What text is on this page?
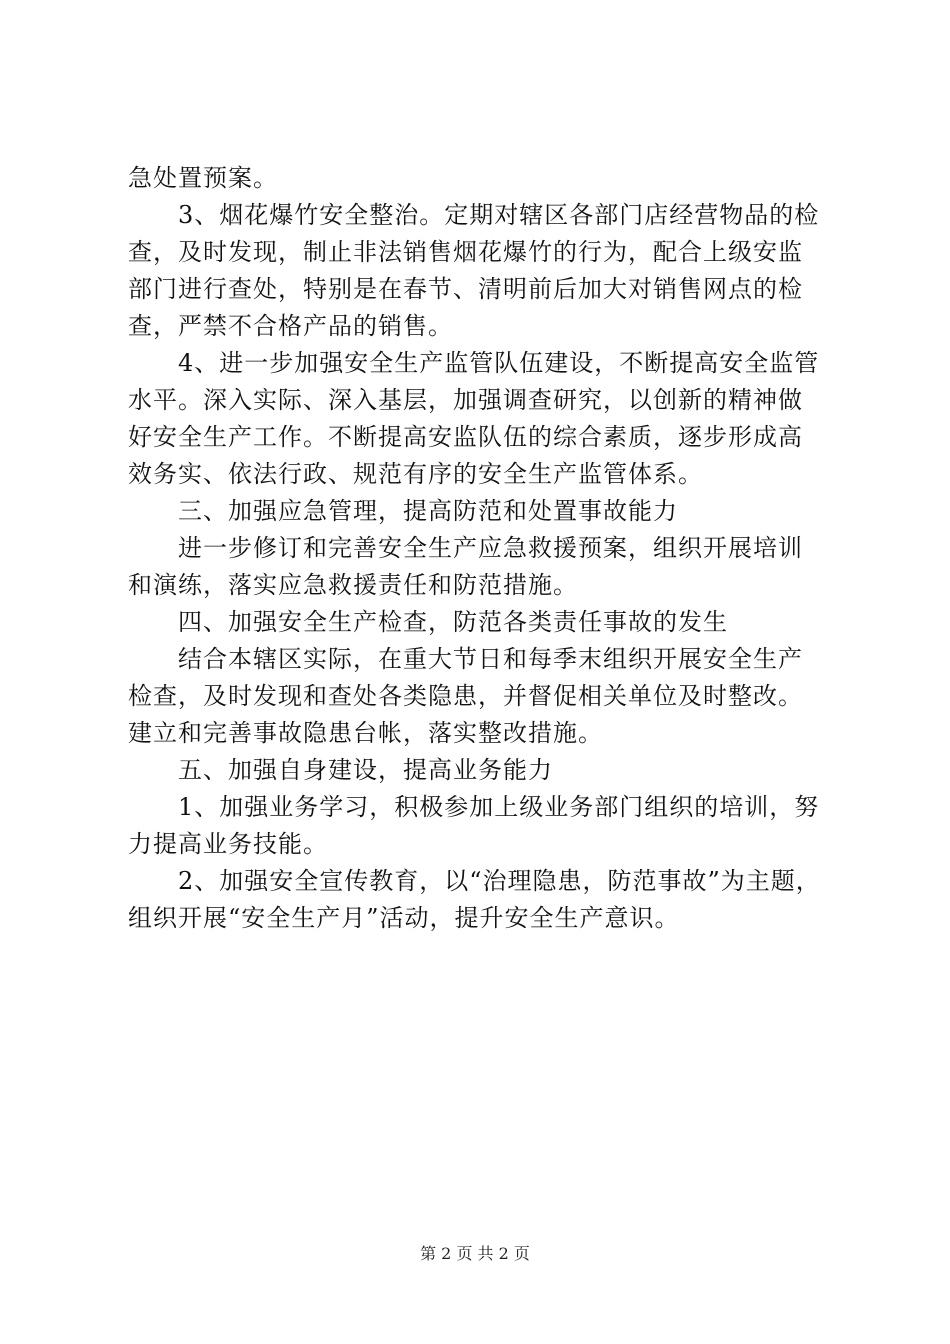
急处置预案。
3、烟花爆竹安全整治。定期对辖区各部门店经营物品的检
查，及时发现，制止非法销售烟花爆竹的行为，配合上级安监
部门进行查处，特别是在春节、清明前后加大对销售网点的检
查，严禁不合格产品的销售。
4、进一步加强安全生产监管队伍建设，不断提高安全监管
水平。深入实际、深入基层，加强调查研究，以创新的精神做
好安全生产工作。不断提高安监队伍的综合素质，逐步形成高
效务实、依法行政、规范有序的安全生产监管体系。
三、加强应急管理，提高防范和处置事故能力
进一步修订和完善安全生产应急救援预案，组织开展培训
和演练，落实应急救援责任和防范措施。
四、加强安全生产检查，防范各类责任事故的发生
结合本辖区实际，在重大节日和每季末组织开展安全生产
检查，及时发现和查处各类隐患，并督促相关单位及时整改。
建立和完善事故隐患台帐，落实整改措施。
五、加强自身建设，提高业务能力
1、加强业务学习，积极参加上级业务部门组织的培训，努
力提高业务技能。
2、加强安全宣传教育，以“治理隐患，防范事故”为主题，
组织开展“安全生产月”活动，提升安全生产意识。
第 2 页 共 2 页
